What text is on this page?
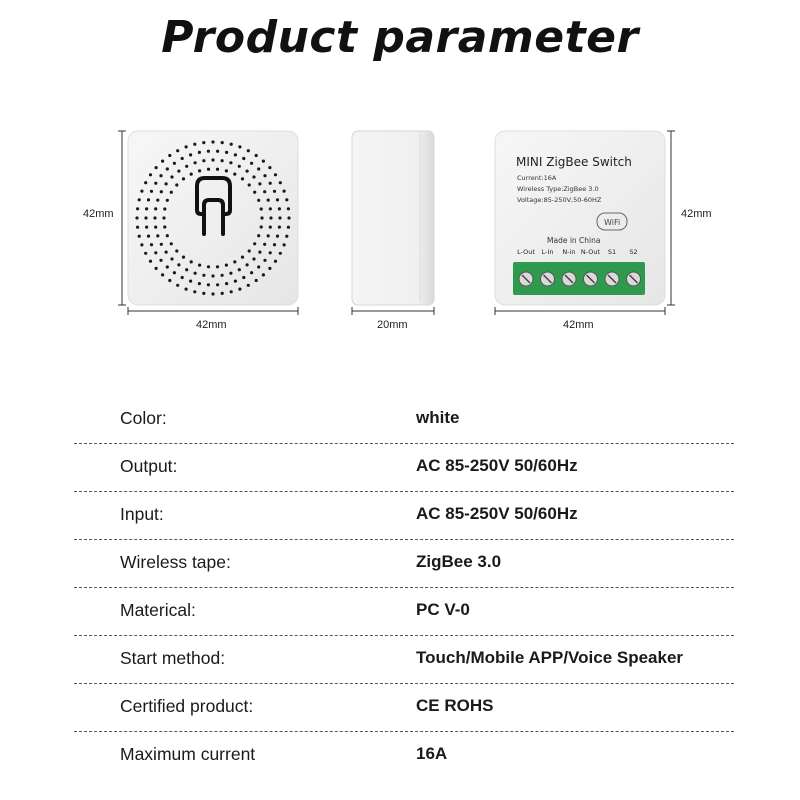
Product parameter
42mm
42mm	20mm
MINI ZigBee Switch
Current:16A
Wireless Type:ZigBee 3.0
Voltage:85-250V,50-60HZ
WiFi
Made in China
L-Out L-In N-in N-Out S1 S2
42mm
42mm
Color:	white
Output:	AC 85-250V 50/60Hz
Input:	AC 85-250V 50/60Hz
Wireless tape:	ZigBee 3.0
Materical:	PC V-0
Start method:	Touch/Mobile APP/Voice Speaker
Certified product:	CE ROHS
Maximum current	16A
